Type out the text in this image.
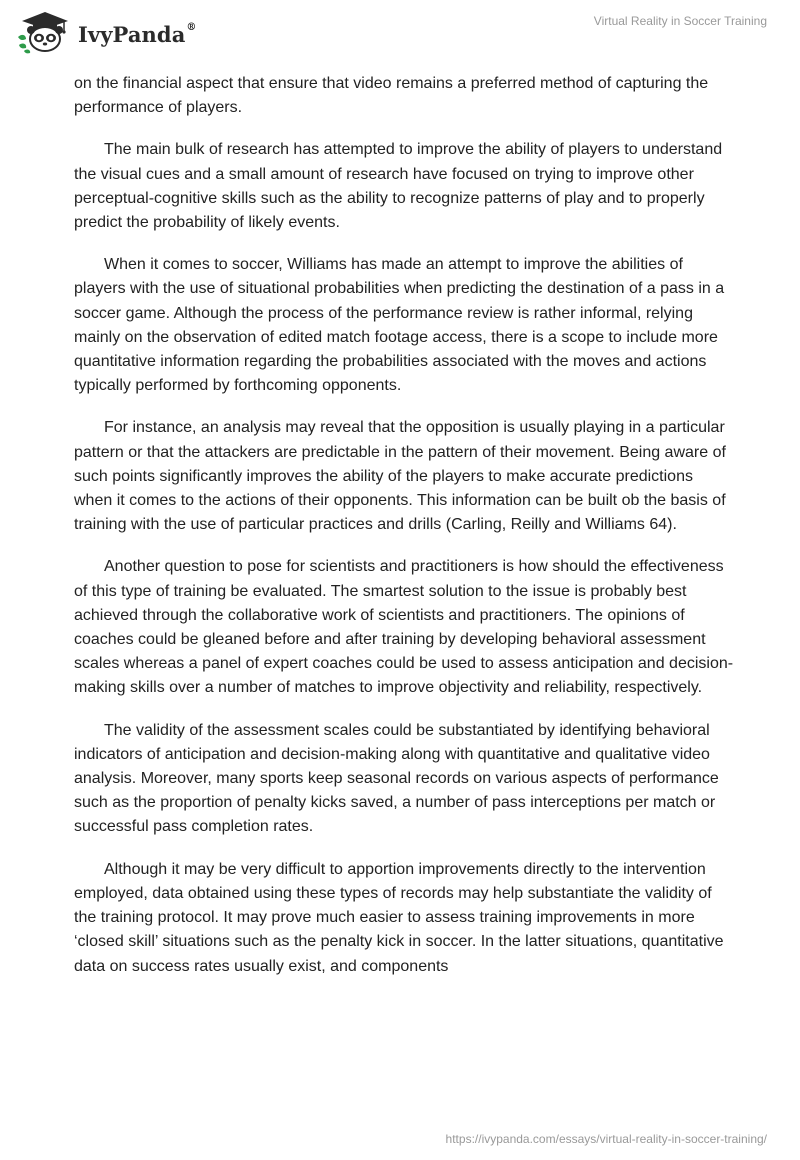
IvyPanda®	Virtual Reality in Soccer Training

on the financial aspect that ensure that video remains a preferred method of capturing the performance of players.

The main bulk of research has attempted to improve the ability of players to understand the visual cues and a small amount of research have focused on trying to improve other perceptual-cognitive skills such as the ability to recognize patterns of play and to properly predict the probability of likely events.

When it comes to soccer, Williams has made an attempt to improve the abilities of players with the use of situational probabilities when predicting the destination of a pass in a soccer game. Although the process of the performance review is rather informal, relying mainly on the observation of edited match footage access, there is a scope to include more quantitative information regarding the probabilities associated with the moves and actions typically performed by forthcoming opponents.

For instance, an analysis may reveal that the opposition is usually playing in a particular pattern or that the attackers are predictable in the pattern of their movement. Being aware of such points significantly improves the ability of the players to make accurate predictions when it comes to the actions of their opponents. This information can be built ob the basis of training with the use of particular practices and drills (Carling, Reilly and Williams 64).

Another question to pose for scientists and practitioners is how should the effectiveness of this type of training be evaluated. The smartest solution to the issue is probably best achieved through the collaborative work of scientists and practitioners. The opinions of coaches could be gleaned before and after training by developing behavioral assessment scales whereas a panel of expert coaches could be used to assess anticipation and decision-making skills over a number of matches to improve objectivity and reliability, respectively.

The validity of the assessment scales could be substantiated by identifying behavioral indicators of anticipation and decision-making along with quantitative and qualitative video analysis. Moreover, many sports keep seasonal records on various aspects of performance such as the proportion of penalty kicks saved, a number of pass interceptions per match or successful pass completion rates.

Although it may be very difficult to apportion improvements directly to the intervention employed, data obtained using these types of records may help substantiate the validity of the training protocol. It may prove much easier to assess training improvements in more ‘closed skill’ situations such as the penalty kick in soccer. In the latter situations, quantitative data on success rates usually exist, and components

https://ivypanda.com/essays/virtual-reality-in-soccer-training/
